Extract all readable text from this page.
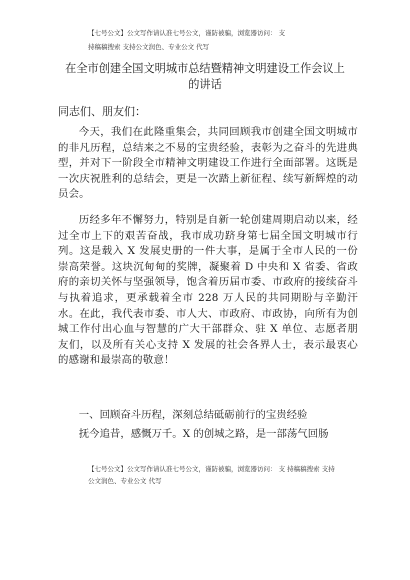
【七号公文】公文写作请认准七号公文，谨防被骗，浏览器访问： 支
持稿稿搜索 支持公文润色、专业公文 代写
在全市创建全国文明城市总结暨精神文明建设工作会议上
的讲话
同志们、朋友们：

今天，我们在此隆重集会，共同回顾我市创建全国文明城市的非凡历程，总结来之不易的宝贵经验，表彰为之奋斗的先进典型，并对下一阶段全市精神文明建设工作进行全面部署。这既是一次庆祝胜利的总结会，更是一次踏上新征程、续写新辉煌的动员会。

历经多年不懈努力，特别是自新一轮创建周期启动以来，经过全市上下的艰苦奋战，我市成功跻身第七届全国文明城市行列。这是载入 X 发展史册的一件大事，是属于全市人民的一份崇高荣誉。这块沉甸甸的奖牌，凝聚着 D 中央和 X 省委、省政府的亲切关怀与坚强领导，饱含着历届市委、市政府的接续奋斗与执着追求，更承载着全市 228 万人民的共同期盼与辛勤汗水。在此，我代表市委、市人大、市政府、市政协，向所有为创城工作付出心血与智慧的广大干部群众、驻 X 单位、志愿者朋友们，以及所有关心支持 X 发展的社会各界人士，表示最衷心的感谢和最崇高的敬意！

一、回顾奋斗历程，深刻总结砥砺前行的宝贵经验
抚今追昔，感慨万千。X 的创城之路，是一部荡气回肠
【七号公文】公文写作请认准七号公文，谨防被骗，浏览器访问： 支 持稿稿搜索 支持公文润色、专业公文 代写
